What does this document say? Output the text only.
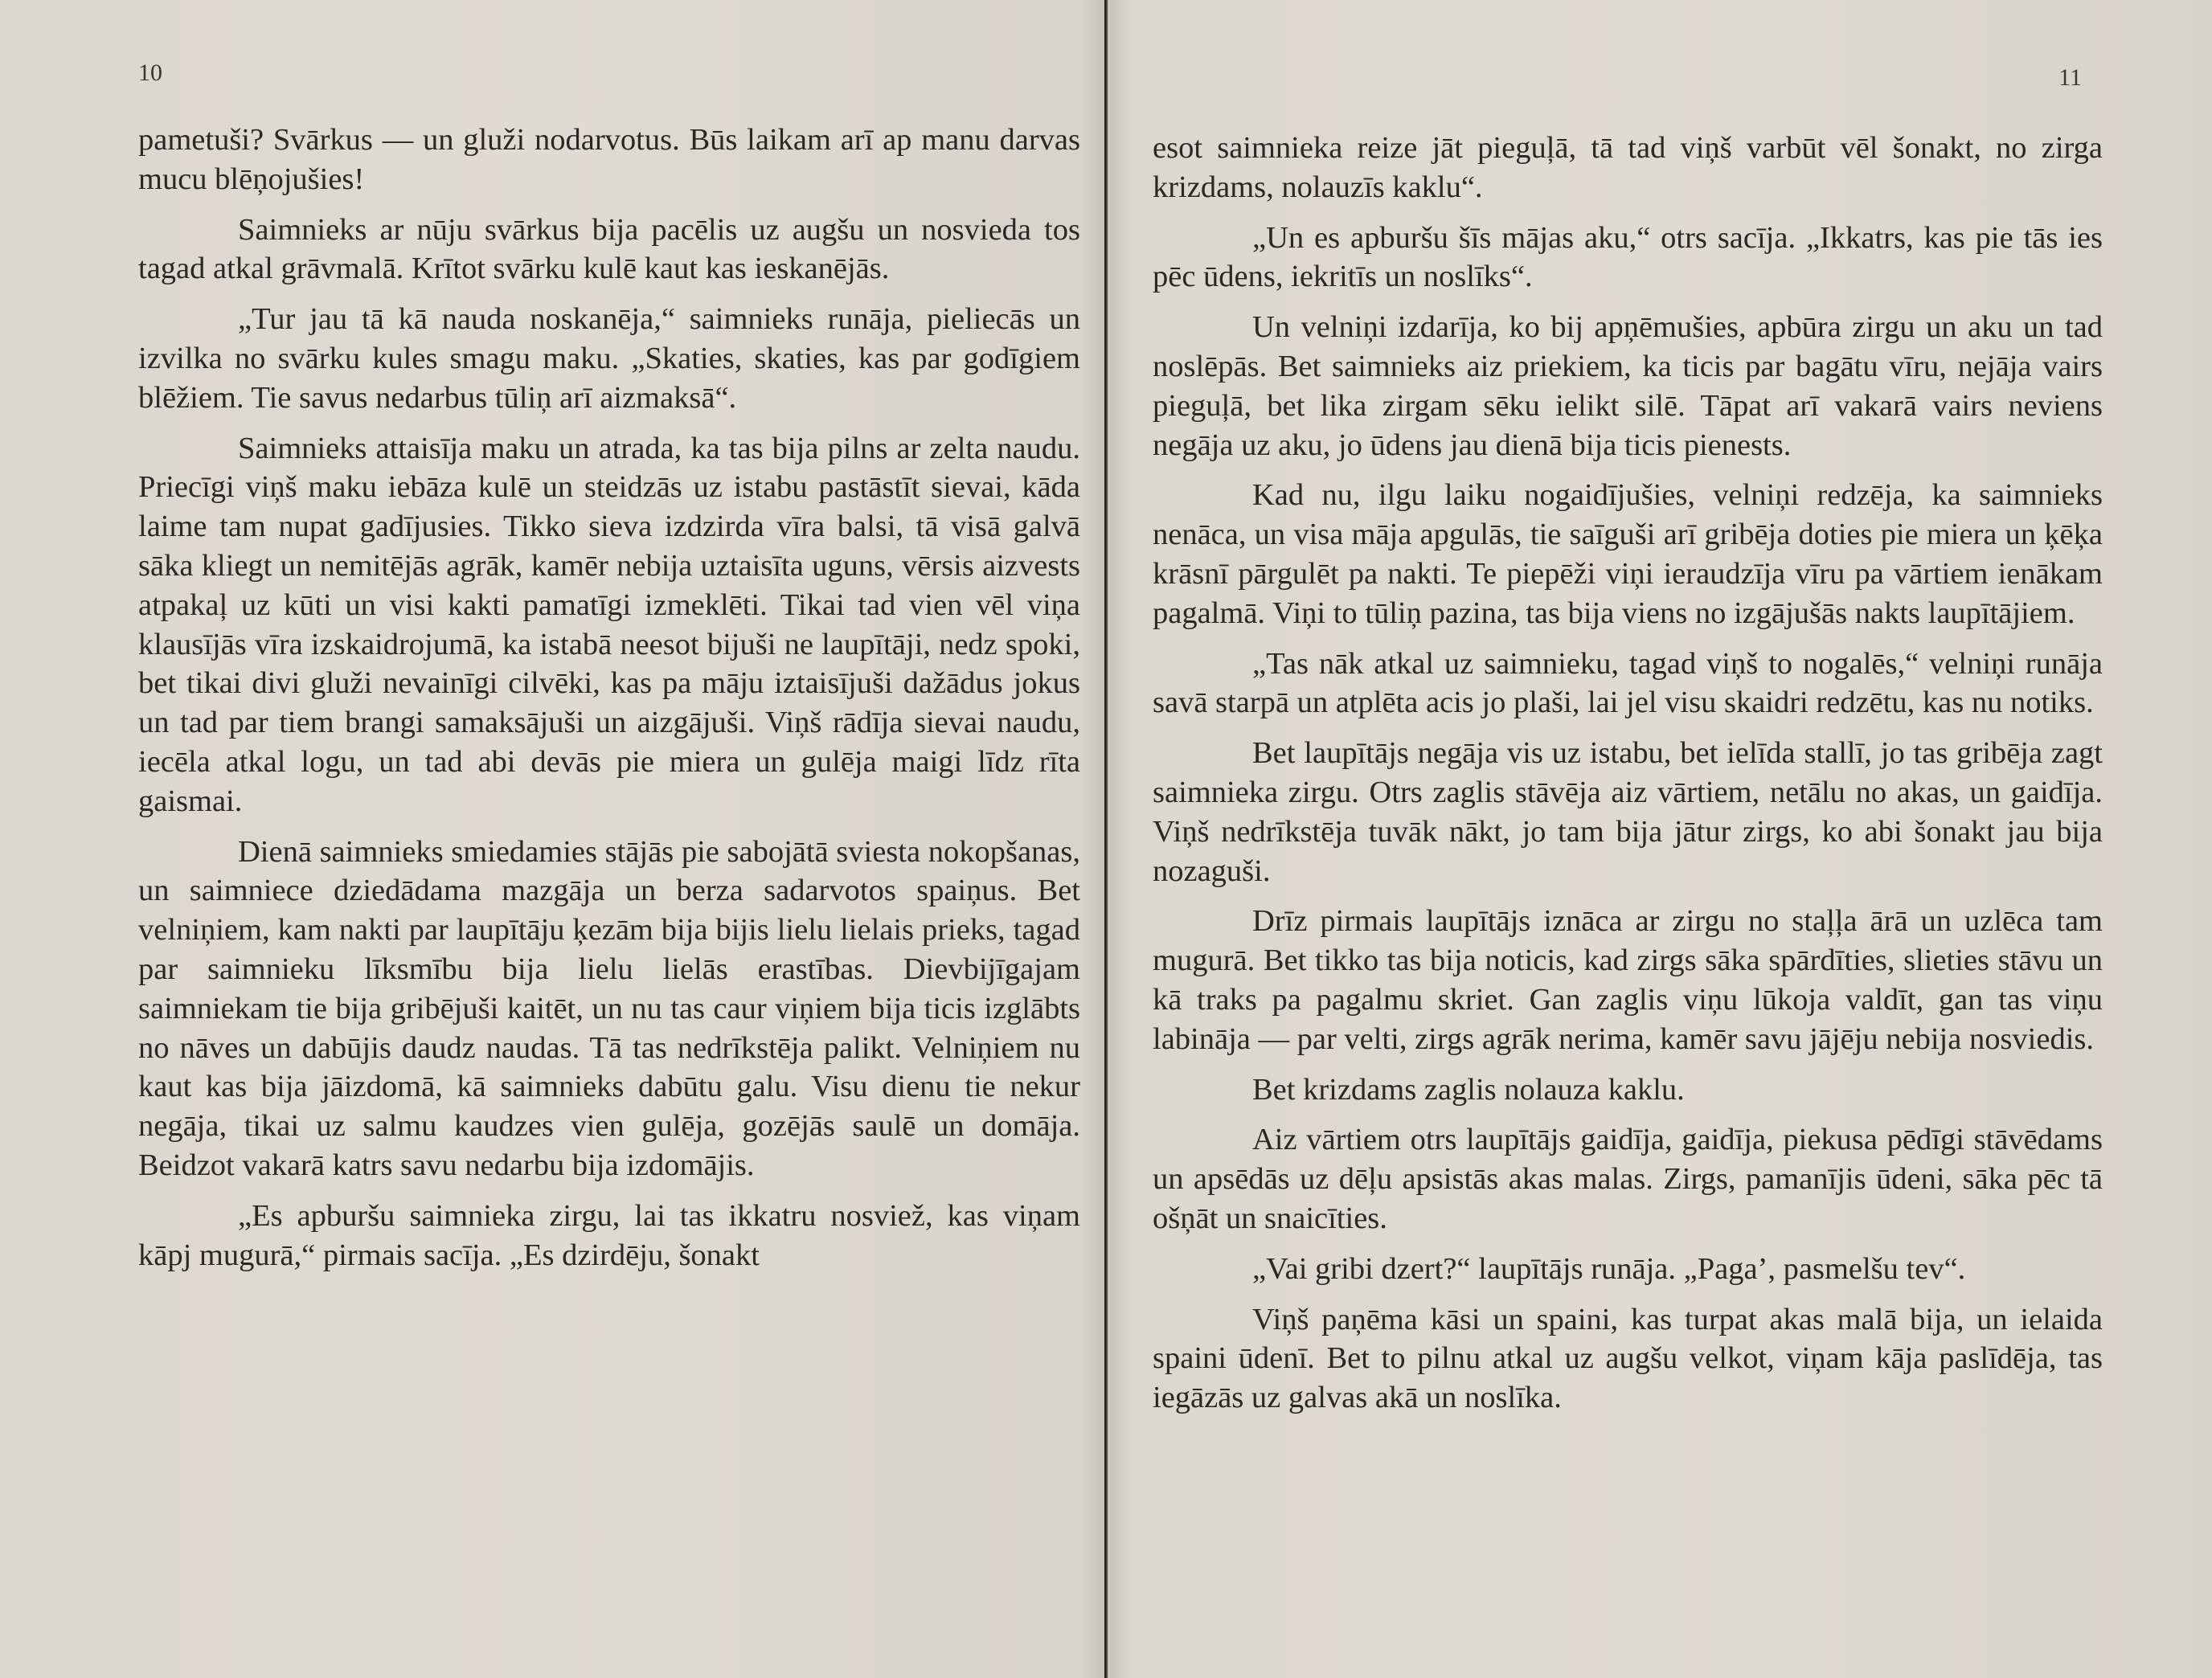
10

pametuši? Svārkus — un gluži nodarvotus. Būs laikam arī ap manu darvas mucu blēņojušies!

Saimnieks ar nūju svārkus bija pacēlis uz augšu un nosvieda tos tagad atkal grāvmalā. Krītot svārku kulē kaut kas ieskanējās.

„Tur jau tā kā nauda noskanēja,“ saimnieks runāja, pieliecās un izvilka no svārku kules smagu maku. „Skaties, skaties, kas par godīgiem blēžiem. Tie savus nedarbus tūliņ arī aizmaksā“.

Saimnieks attaisīja maku un atrada, ka tas bija pilns ar zelta naudu. Priecīgi viņš maku iebāza kulē un steidzās uz istabu pastāstīt sievai, kāda laime tam nupat gadījusies. Tikko sieva izdzirda vīra balsi, tā visā galvā sāka kliegt un nemitējās agrāk, kamēr nebija uztaisīta uguns, vērsis aizvests atpakaļ uz kūti un visi kakti pamatīgi izmeklēti. Tikai tad vien vēl viņa klausījās vīra izskaidrojumā, ka istabā neesot bijuši ne laupītāji, nedz spoki, bet tikai divi gluži nevainīgi cilvēki, kas pa māju iztaisījuši dažādus jokus un tad par tiem brangi samaksājuši un aizgājuši. Viņš rādīja sievai naudu, iecēla atkal logu, un tad abi devās pie miera un gulēja maigi līdz rīta gaismai.

Dienā saimnieks smiedamies stājās pie sabojātā sviesta nokopšanas, un saimniece dziedādama mazgāja un berza sadarvotos spaiņus. Bet velniņiem, kam nakti par laupītāju ķezām bija bijis lielu lielais prieks, tagad par saimnieku līksmību bija lielu lielās erastības. Dievbijīgajam saimniekam tie bija gribējuši kaitēt, un nu tas caur viņiem bija ticis izglābts no nāves un dabūjis daudz naudas. Tā tas nedrīkstēja palikt. Velniņiem nu kaut kas bija jāizdomā, kā saimnieks dabūtu galu. Visu dienu tie nekur negāja, tikai uz salmu kaudzes vien gulēja, gozējās saulē un domāja. Beidzot vakarā katrs savu nedarbu bija izdomājis.

„Es apburšu saimnieka zirgu, lai tas ikkatru nosviež, kas viņam kāpj mugurā,“ pirmais sacīja. „Es dzirdēju, šonakt

11

esot saimnieka reize jāt pieguļā, tā tad viņš varbūt vēl šonakt, no zirga krizdams, nolauzīs kaklu“.

„Un es apburšu šīs mājas aku,“ otrs sacīja. „Ikkatrs, kas pie tās ies pēc ūdens, iekritīs un noslīks“.

Un velniņi izdarīja, ko bij apņēmušies, apbūra zirgu un aku un tad noslēpās. Bet saimnieks aiz priekiem, ka ticis par bagātu vīru, nejāja vairs pieguļā, bet lika zirgam sēku ielikt silē. Tāpat arī vakarā vairs neviens negāja uz aku, jo ūdens jau dienā bija ticis pienests.

Kad nu, ilgu laiku nogaidījušies, velniņi redzēja, ka saimnieks nenāca, un visa māja apgulās, tie saīguši arī gribēja doties pie miera un ķēķa krāsnī pārgulēt pa nakti. Te piepēži viņi ieraudzīja vīru pa vārtiem ienākam pagalmā. Viņi to tūliņ pazina, tas bija viens no izgājušās nakts laupītājiem.

„Tas nāk atkal uz saimnieku, tagad viņš to nogalēs,“ velniņi runāja savā starpā un atplēta acis jo plaši, lai jel visu skaidri redzētu, kas nu notiks.

Bet laupītājs negāja vis uz istabu, bet ielīda stallī, jo tas gribēja zagt saimnieka zirgu. Otrs zaglis stāvēja aiz vārtiem, netālu no akas, un gaidīja. Viņš nedrīkstēja tuvāk nākt, jo tam bija jātur zirgs, ko abi šonakt jau bija nozaguši.

Drīz pirmais laupītājs iznāca ar zirgu no staļļa ārā un uzlēca tam mugurā. Bet tikko tas bija noticis, kad zirgs sāka spārdīties, slieties stāvu un kā traks pa pagalmu skriet. Gan zaglis viņu lūkoja valdīt, gan tas viņu labināja — par velti, zirgs agrāk nerima, kamēr savu jājēju nebija nosviedis.

Bet krizdams zaglis nolauza kaklu.

Aiz vārtiem otrs laupītājs gaidīja, gaidīja, piekusa pēdīgi stāvēdams un apsēdās uz dēļu apsistās akas malas. Zirgs, pamanījis ūdeni, sāka pēc tā ošņāt un snaicīties.

„Vai gribi dzert?“ laupītājs runāja. „Paga’, pasmelšu tev“.

Viņš paņēma kāsi un spaini, kas turpat akas malā bija, un ielaida spaini ūdenī. Bet to pilnu atkal uz augšu velkot, viņam kāja paslīdēja, tas iegāzās uz galvas akā un noslīka.
